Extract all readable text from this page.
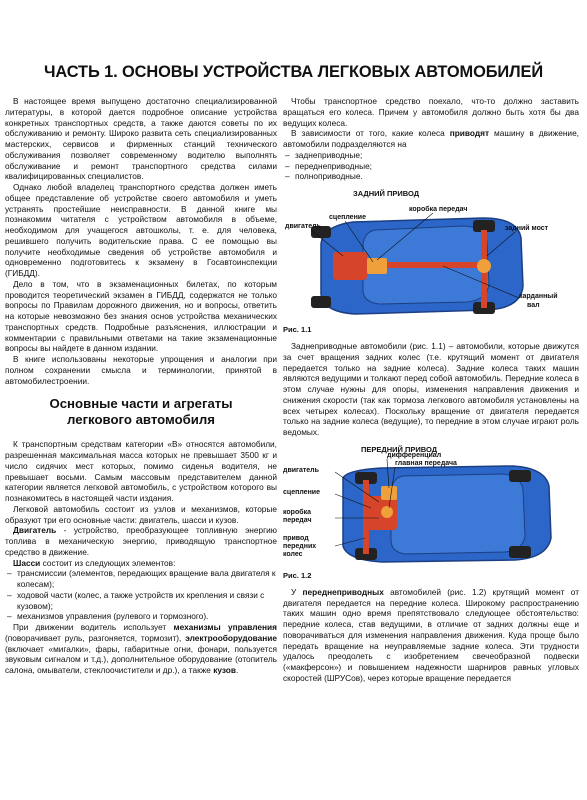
ЧАСТЬ 1. ОСНОВЫ УСТРОЙСТВА ЛЕГКОВЫХ АВТОМОБИЛЕЙ

В настоящее время выпущено достаточно специализированной литературы, в которой дается подробное описание устройства конкретных транспортных средств, а также даются советы по их обслуживанию и ремонту. Широко развита сеть специализированных мастерских, сервисов и фирменных станций технического обслуживания позволяет современному водителю выполнять обслуживание и ремонт транспортного средства силами квалифицированных специалистов.

Однако любой владелец транспортного средства должен иметь общее представление об устройстве своего автомобиля и уметь устранять простейшие неисправности. В данной книге мы познакомим читателя с устройством автомобиля в объеме, необходимом для учащегося автошколы, т. е. для человека, решившего получить водительские права. С ее помощью вы получите необходимые сведения об устройстве автомобиля и одновременно подготовитесь к экзамену в Госавтоинспекции (ГИБДД).

Дело в том, что в экзаменационных билетах, по которым проводится теоретический экзамен в ГИБДД, содержатся не только вопросы по Правилам дорожного движения, но и вопросы, ответить на которые невозможно без знания основ устройства механических транспортных средств. Подробные разъяснения, иллюстрации и комментарии с правильными ответами на такие экзаменационные вопросы вы найдете в данном издании.

В книге использованы некоторые упрощения и аналогии при полном сохранении смысла и терминологии, принятой в автомобилестроении.

Основные части и агрегаты
легкового автомобиля

К транспортным средствам категории «В» относятся автомобили, разрешенная максимальная масса которых не превышает 3500 кг и число сидячих мест которых, помимо сиденья водителя, не превышает восьми. Самым массовым представителем данной категории является легковой автомобиль, с устройством которого вы познакомитесь в настоящей части издания.

Легковой автомобиль состоит из узлов и механизмов, которые образуют три его основные части: двигатель, шасси и кузов.

Двигатель - устройство, преобразующее топливную энергию топлива в механическую энергию, приводящую транспортное средство в движение.

Шасси состоит из следующих элементов:

– трансмиссии (элементов, передающих вращение вала двигателя к колесам);
– ходовой части (колес, а также устройств их крепления и связи с кузовом);
– механизмов управления (рулевого и тормозного).

При движении водитель использует механизмы управления (поворачивает руль, разгоняется, тормозит), электрооборудование (включает «мигалки», фары, габаритные огни, фонари, пользуется звуковым сигналом и т.д.), дополнительное оборудование (отопитель салона, омыватели, стеклоочистители и др.), а также кузов.

Чтобы транспортное средство поехало, что-то должно заставить вращаться его колеса. Причем у автомобиля должно быть хотя бы два ведущих колеса.

В зависимости от того, какие колеса приводят машину в движение, автомобили подразделяются на

– заднеприводные;
– переднеприводные;
– полноприводные.
ЗАДНИЙ ПРИВОД
коробка передач
сцепление
двигатель	задний мост
карданный
вал
Рис. 1.1

Заднеприводные автомобили (рис. 1.1) – автомобили, которые движутся за счет вращения задних колес (т.е. крутящий момент от двигателя передается только на задние колеса). Задние колеса таких машин являются ведущими и толкают перед собой автомобиль. Передние колеса в этом случае нужны для опоры, изменения направления движения и снижения скорости (так как тормоза легкового автомобиля установлены на всех четырех колесах). Поскольку вращение от двигателя передается только на задние колеса (ведущие), то передние в этом случае играют роль ведомых.

ПЕРЕДНИЙ ПРИВОД
дифференциал
главная передача
двигатель
сцепление
коробка
передач
привод
передних
колес
Рис. 1.2

У переднеприводных автомобилей (рис. 1.2) крутящий момент от двигателя передается на передние колеса. Широкому распространению таких машин одно время препятствовало следующее обстоятельство: передние колеса, став ведущими, в отличие от задних должны еще и поворачиваться для изменения направления движения. Куда проще было передать вращение на неуправляемые задние колеса. Эти трудности удалось преодолеть с изобретением свечеобразной подвески («макферсон») и повышением надежности шарниров равных угловых скоростей (ШРУСов), через которые вращение передается
